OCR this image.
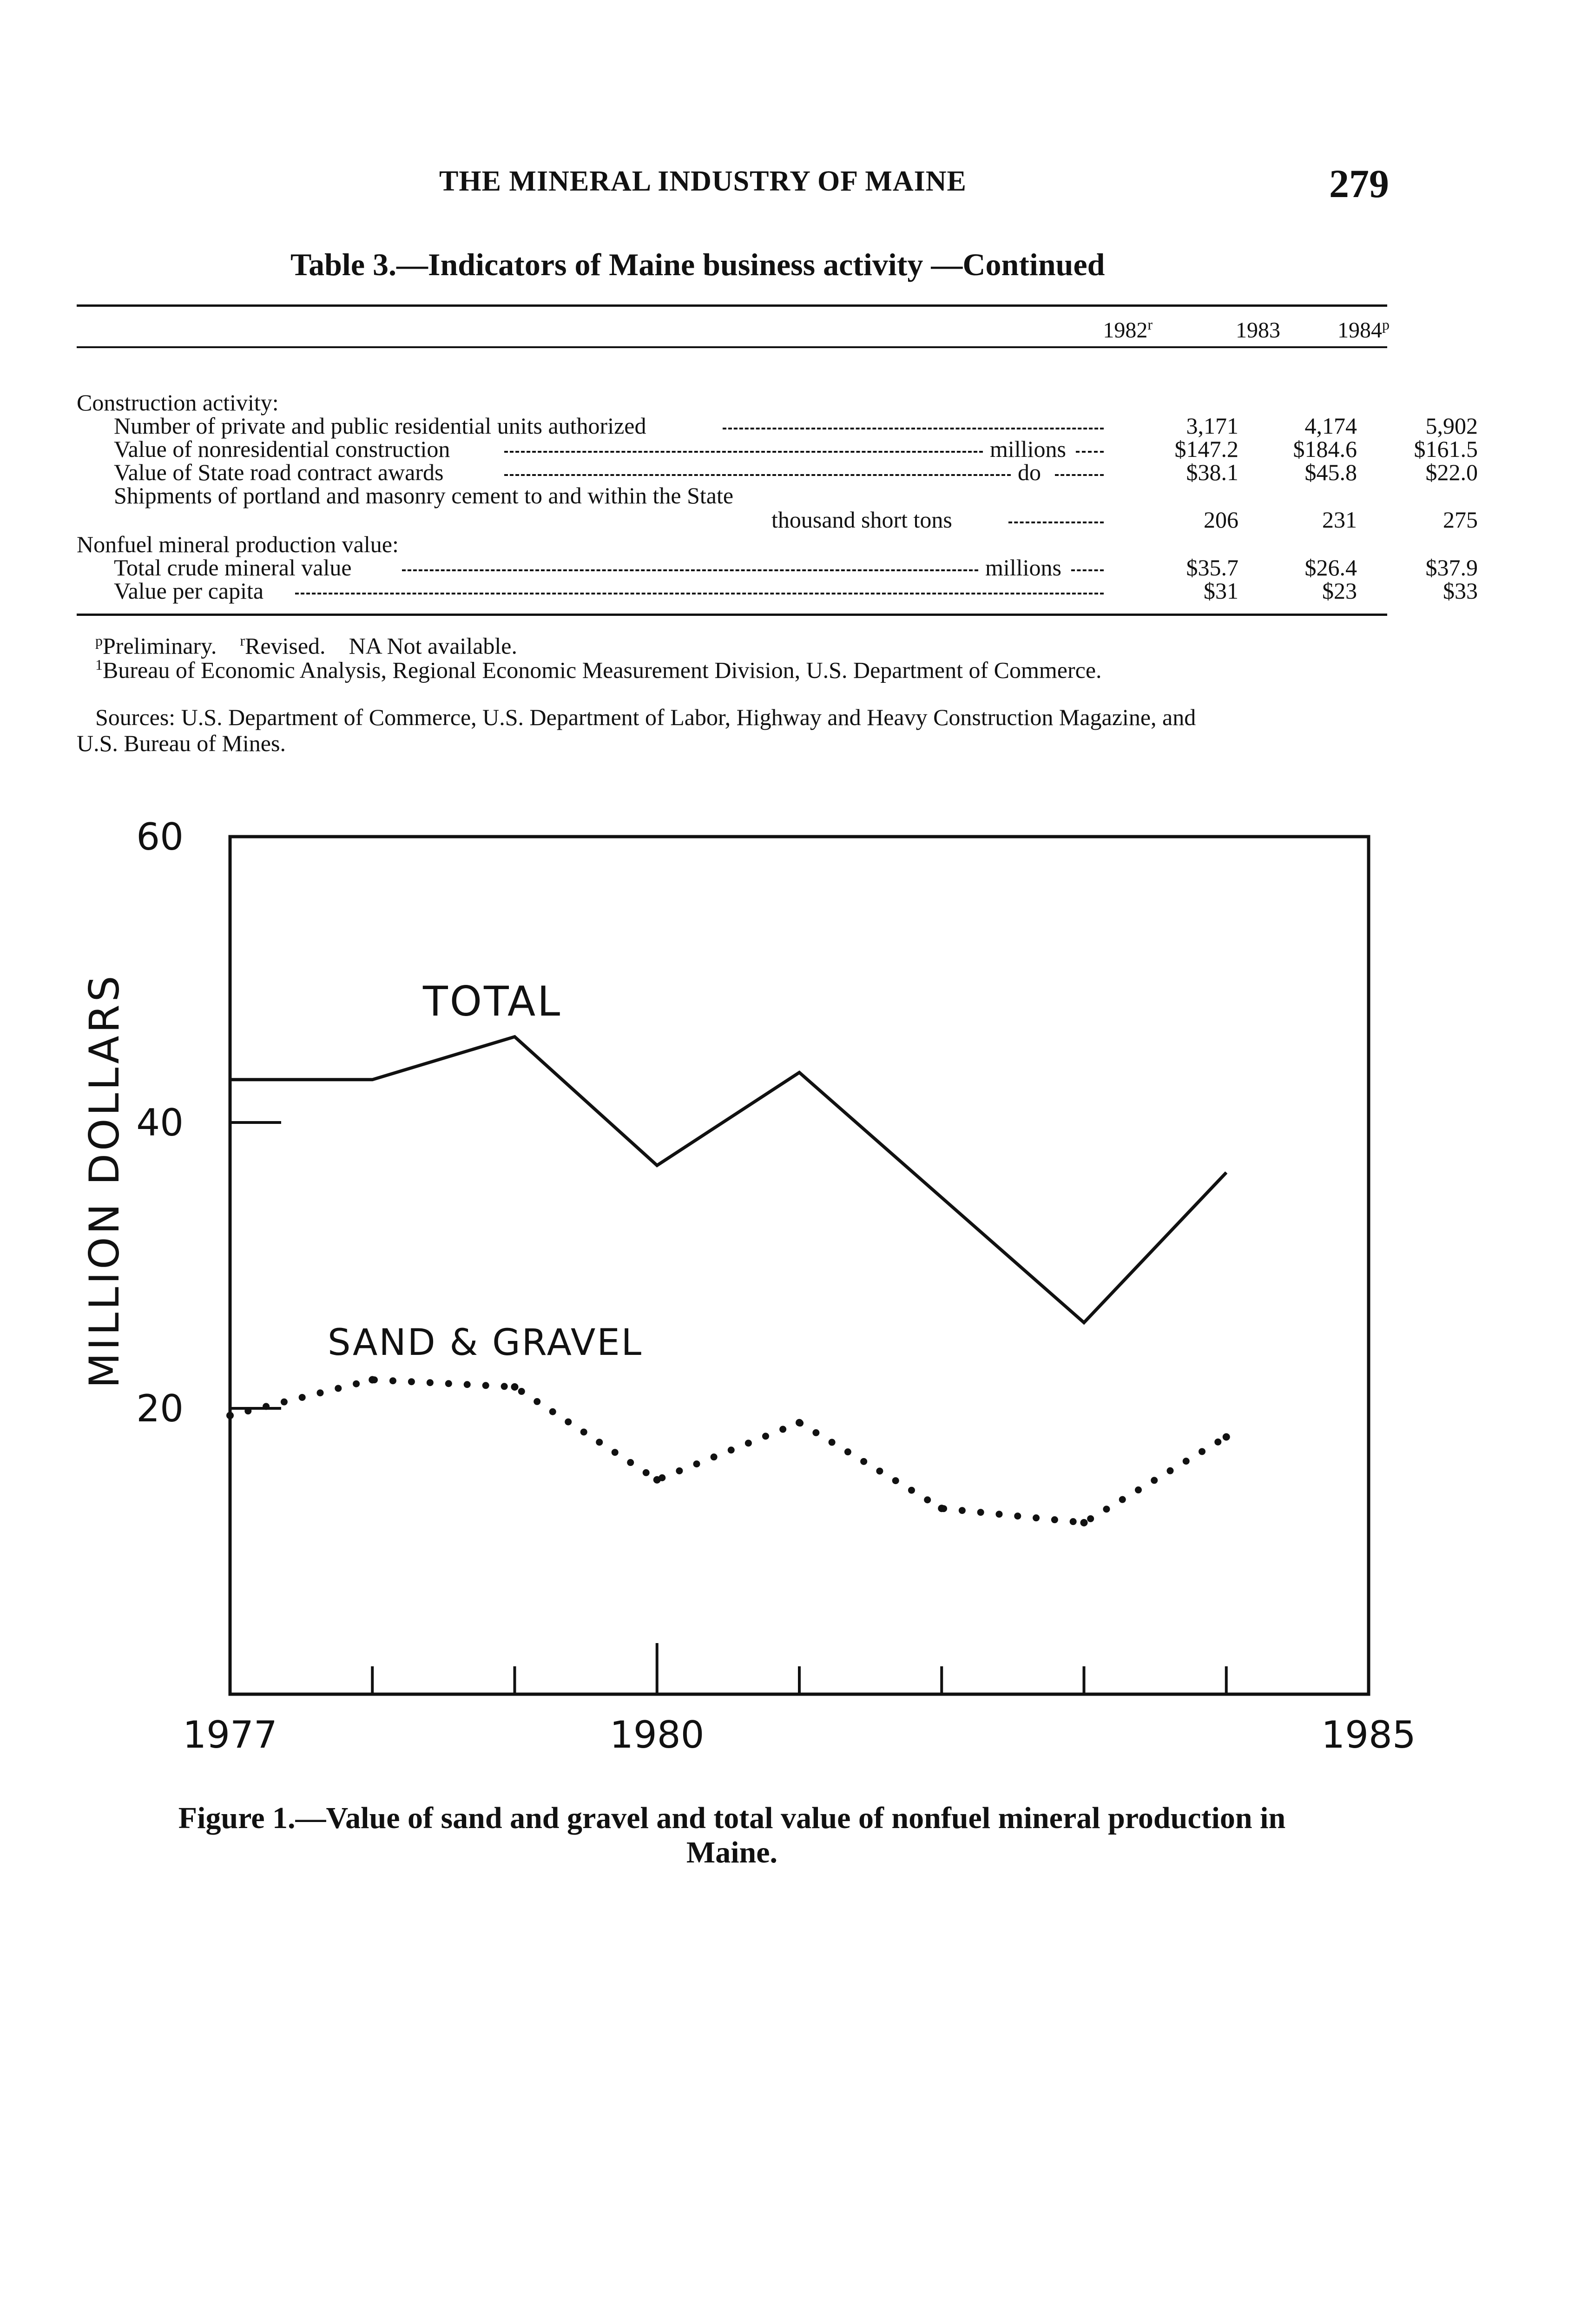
THE MINERAL INDUSTRY OF MAINE	279
Table 3.—Indicators of Maine business activity —Continued
1982$^r$	1983	1984$^p$
Construction activity:
Number of private and public residential units authorized	3,171	4,174	5,902
Value of nonresidential construction	millions	$147.2	$184.6	$161.5
Value of State road contract awards	do	$38.1	$45.8	$22.0
Shipments of portland and masonry cement to and within the State
thousand short tons	206	231	275
Nonfuel mineral production value:
Total crude mineral value	millions	$35.7	$26.4	$37.9
Value per capita	$31	$23	$33
$^p$Preliminary. $^r$Revised. NA Not available.
$^1$Bureau of Economic Analysis, Regional Economic Measurement Division, U.S. Department of Commerce.
Sources: U.S. Department of Commerce, U.S. Department of Labor, Highway and Heavy Construction Magazine, and
U.S. Bureau of Mines.
20
40
60
1977	1980	1985
MILLION DOLLARS	TOTAL
SAND & GRAVEL
Figure 1.—Value of sand and gravel and total value of nonfuel mineral production in
Maine.
